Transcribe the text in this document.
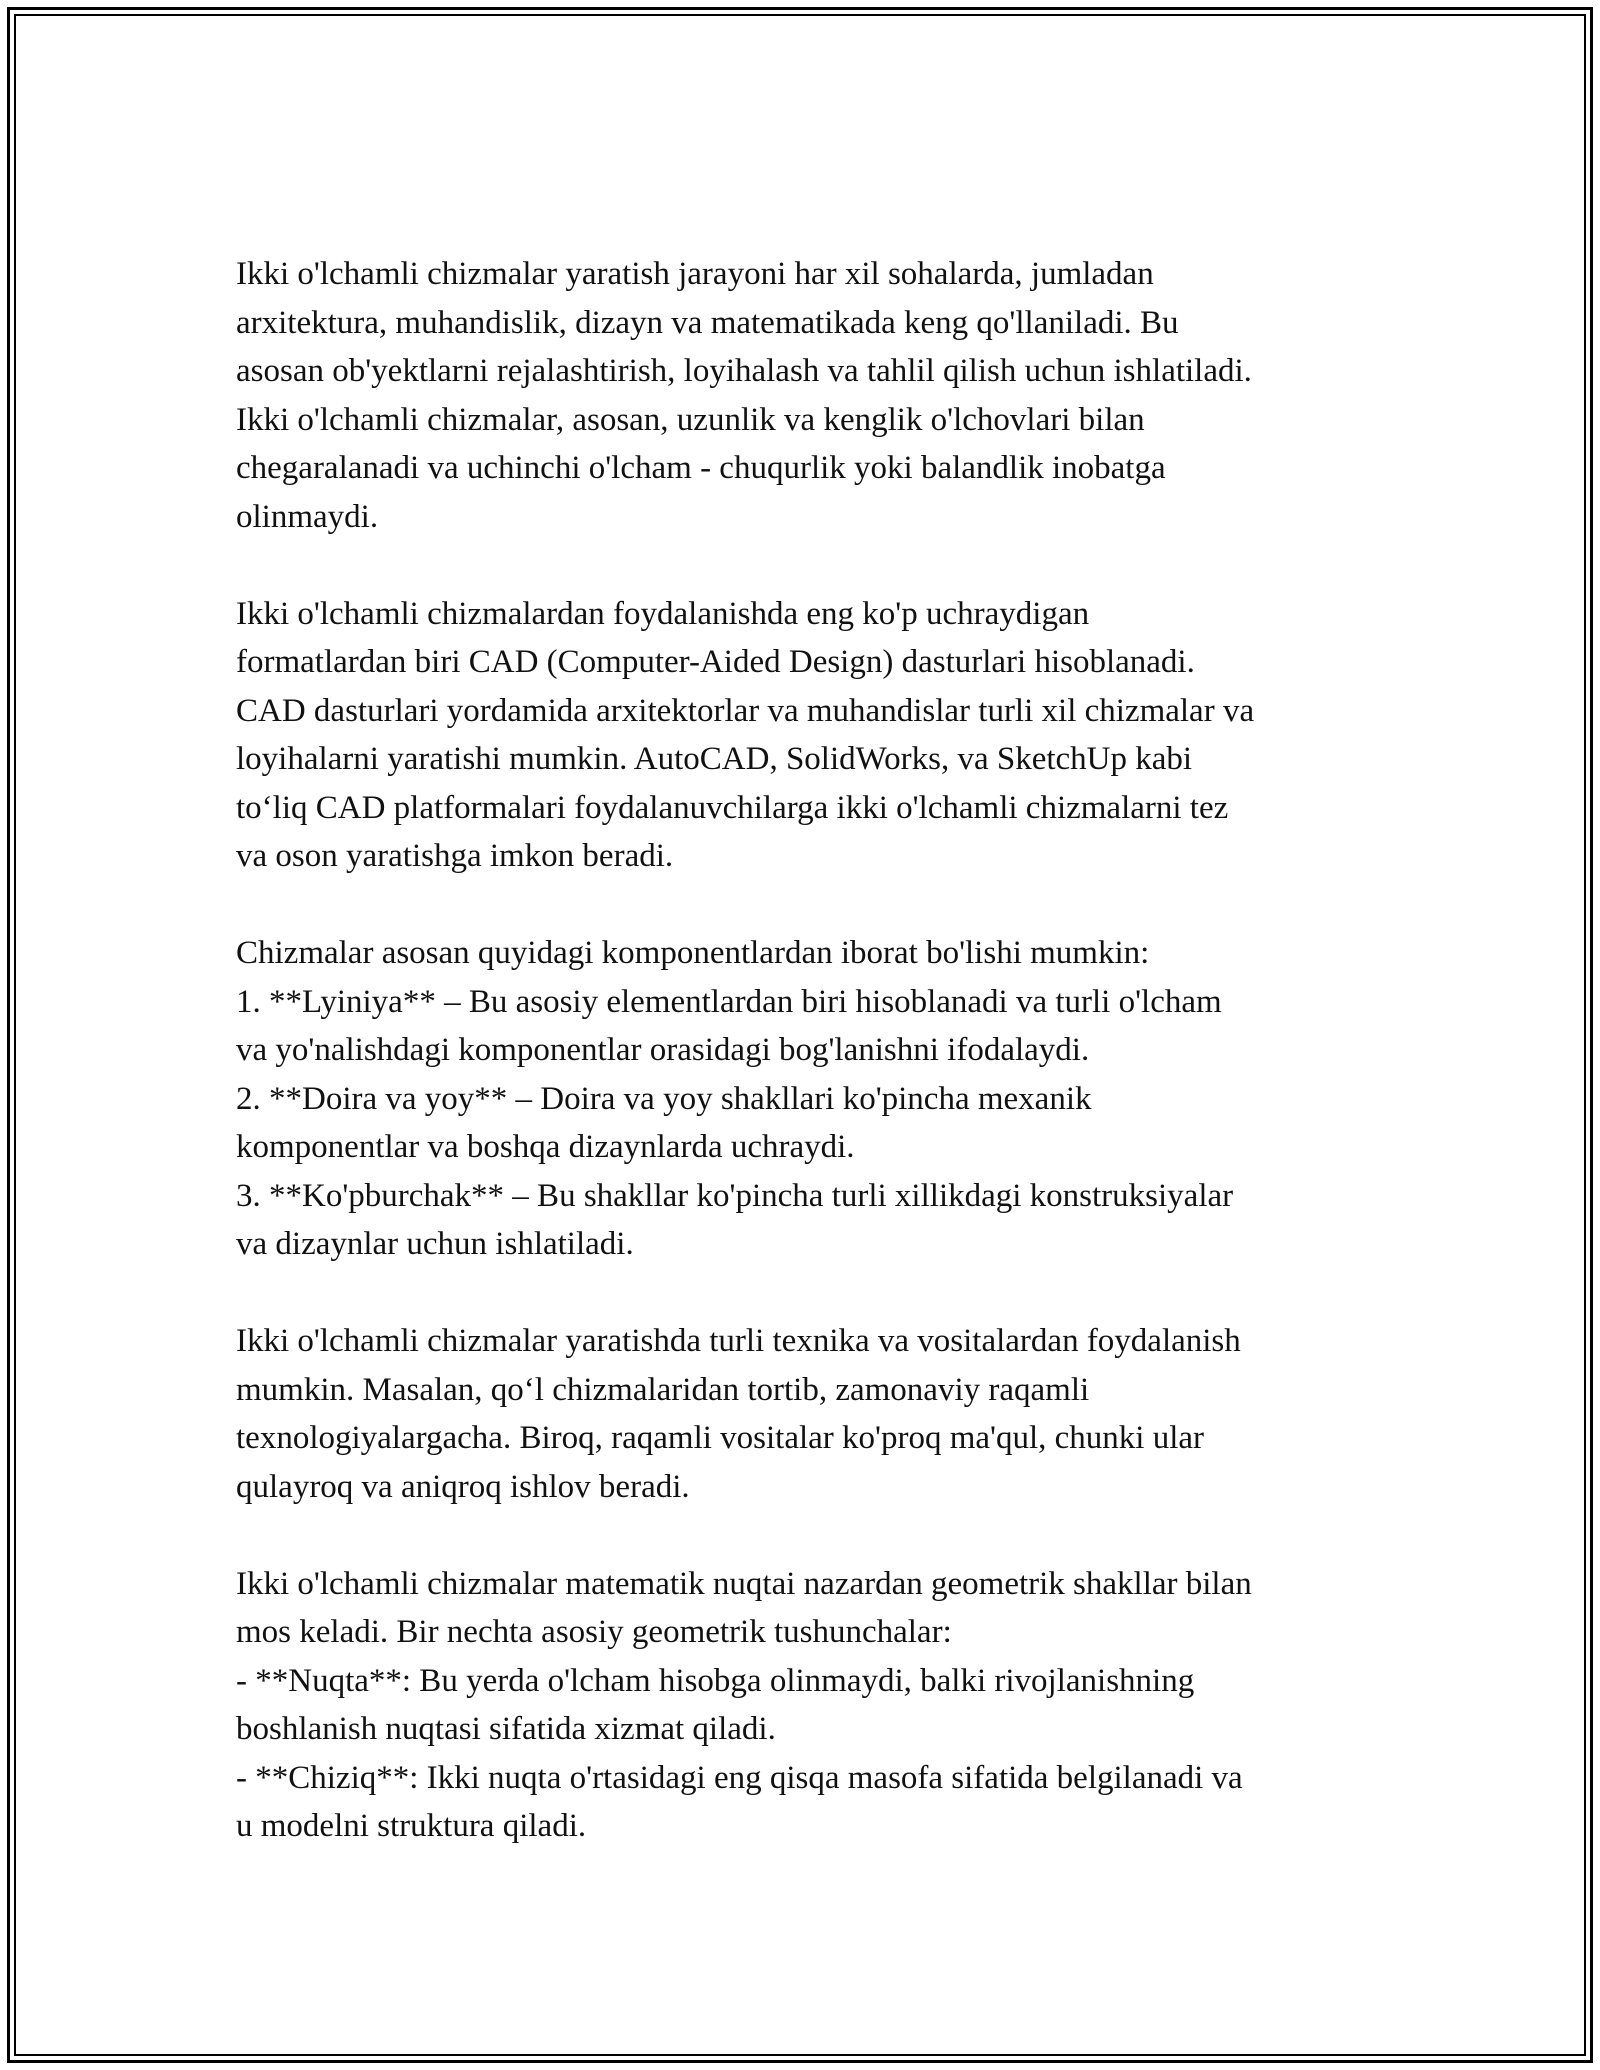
Ikki o'lchamli chizmalar yaratish jarayoni har xil sohalarda, jumladan
arxitektura, muhandislik, dizayn va matematikada keng qo'llaniladi. Bu
asosan ob'yektlarni rejalashtirish, loyihalash va tahlil qilish uchun ishlatiladi.
Ikki o'lchamli chizmalar, asosan, uzunlik va kenglik o'lchovlari bilan
chegaralanadi va uchinchi o'lcham - chuqurlik yoki balandlik inobatga
olinmaydi.

Ikki o'lchamli chizmalardan foydalanishda eng ko'p uchraydigan
formatlardan biri CAD (Computer-Aided Design) dasturlari hisoblanadi.
CAD dasturlari yordamida arxitektorlar va muhandislar turli xil chizmalar va
loyihalarni yaratishi mumkin. AutoCAD, SolidWorks, va SketchUp kabi
to‘liq CAD platformalari foydalanuvchilarga ikki o'lchamli chizmalarni tez
va oson yaratishga imkon beradi.

Chizmalar asosan quyidagi komponentlardan iborat bo'lishi mumkin:
1. **Lyiniya** – Bu asosiy elementlardan biri hisoblanadi va turli o'lcham
va yo'nalishdagi komponentlar orasidagi bog'lanishni ifodalaydi.
2. **Doira va yoy** – Doira va yoy shakllari ko'pincha mexanik
komponentlar va boshqa dizaynlarda uchraydi.
3. **Ko'pburchak** – Bu shakllar ko'pincha turli xillikdagi konstruksiyalar
va dizaynlar uchun ishlatiladi.

Ikki o'lchamli chizmalar yaratishda turli texnika va vositalardan foydalanish
mumkin. Masalan, qo‘l chizmalaridan tortib, zamonaviy raqamli
texnologiyalargacha. Biroq, raqamli vositalar ko'proq ma'qul, chunki ular
qulayroq va aniqroq ishlov beradi.

Ikki o'lchamli chizmalar matematik nuqtai nazardan geometrik shakllar bilan
mos keladi. Bir nechta asosiy geometrik tushunchalar:
- **Nuqta**: Bu yerda o'lcham hisobga olinmaydi, balki rivojlanishning
boshlanish nuqtasi sifatida xizmat qiladi.
- **Chiziq**: Ikki nuqta o'rtasidagi eng qisqa masofa sifatida belgilanadi va
u modelni struktura qiladi.
